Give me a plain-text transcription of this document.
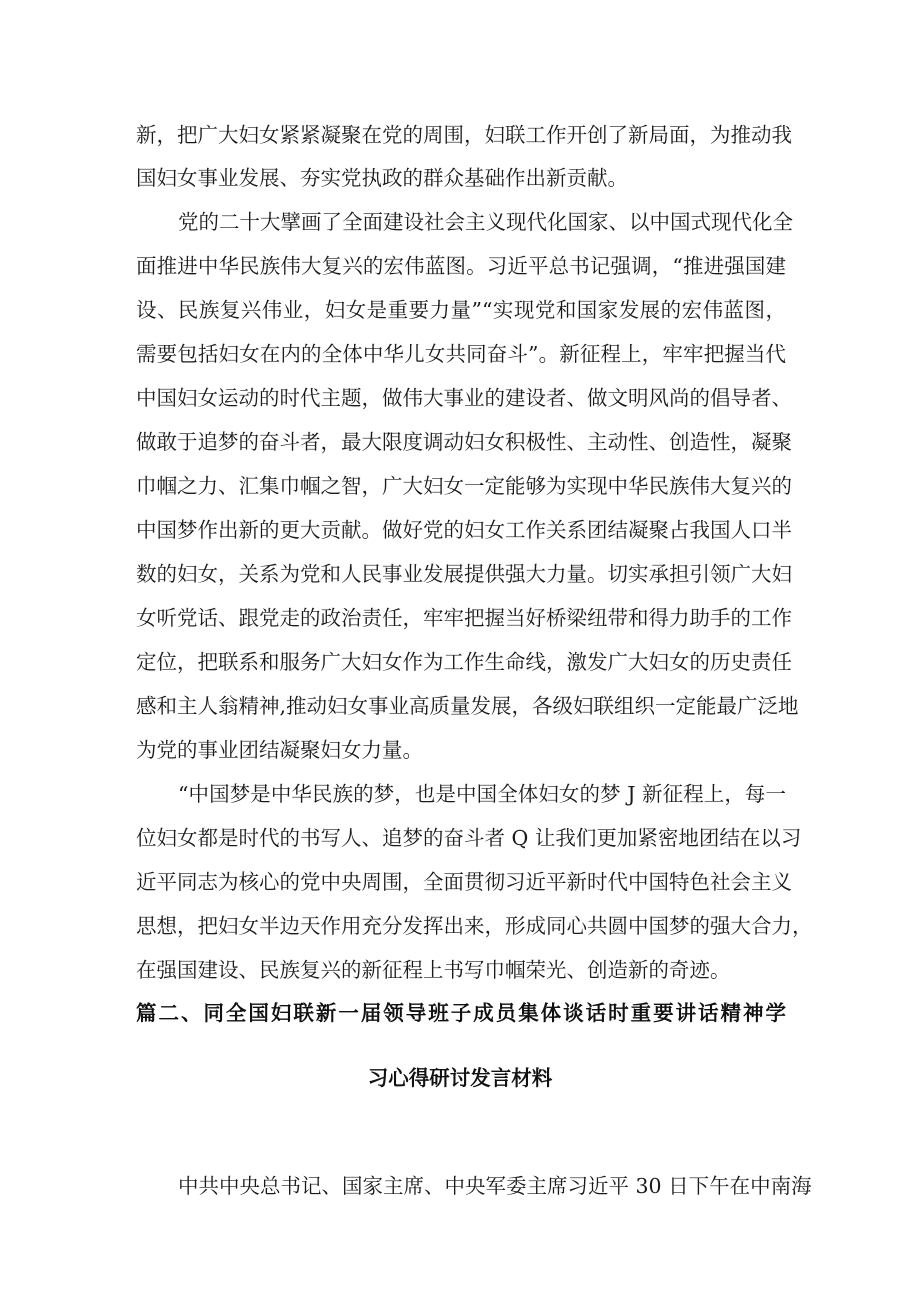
新，把广大妇女紧紧凝聚在党的周围，妇联工作开创了新局面，为推动我
国妇女事业发展、夯实党执政的群众基础作出新贡献。
党的二十大擘画了全面建设社会主义现代化国家、以中国式现代化全
面推进中华民族伟大复兴的宏伟蓝图。习近平总书记强调，“推进强国建
设、民族复兴伟业，妇女是重要力量”“实现党和国家发展的宏伟蓝图，
需要包括妇女在内的全体中华儿女共同奋斗”。新征程上，牢牢把握当代
中国妇女运动的时代主题，做伟大事业的建设者、做文明风尚的倡导者、
做敢于追梦的奋斗者，最大限度调动妇女积极性、主动性、创造性，凝聚
巾帼之力、汇集巾帼之智，广大妇女一定能够为实现中华民族伟大复兴的
中国梦作出新的更大贡献。做好党的妇女工作关系团结凝聚占我国人口半
数的妇女，关系为党和人民事业发展提供强大力量。切实承担引领广大妇
女听党话、跟党走的政治责任，牢牢把握当好桥梁纽带和得力助手的工作
定位，把联系和服务广大妇女作为工作生命线，激发广大妇女的历史责任
感和主人翁精神,推动妇女事业高质量发展，各级妇联组织一定能最广泛地
为党的事业团结凝聚妇女力量。
“中国梦是中华民族的梦，也是中国全体妇女的梦 J 新征程上，每一
位妇女都是时代的书写人、追梦的奋斗者 Q 让我们更加紧密地团结在以习
近平同志为核心的党中央周围，全面贯彻习近平新时代中国特色社会主义
思想，把妇女半边天作用充分发挥出来，形成同心共圆中国梦的强大合力，
在强国建设、民族复兴的新征程上书写巾帼荣光、创造新的奇迹。
篇二、同全国妇联新一届领导班子成员集体谈话时重要讲话精神学
习心得研讨发言材料
中共中央总书记、国家主席、中央军委主席习近平 30 日下午在中南海
